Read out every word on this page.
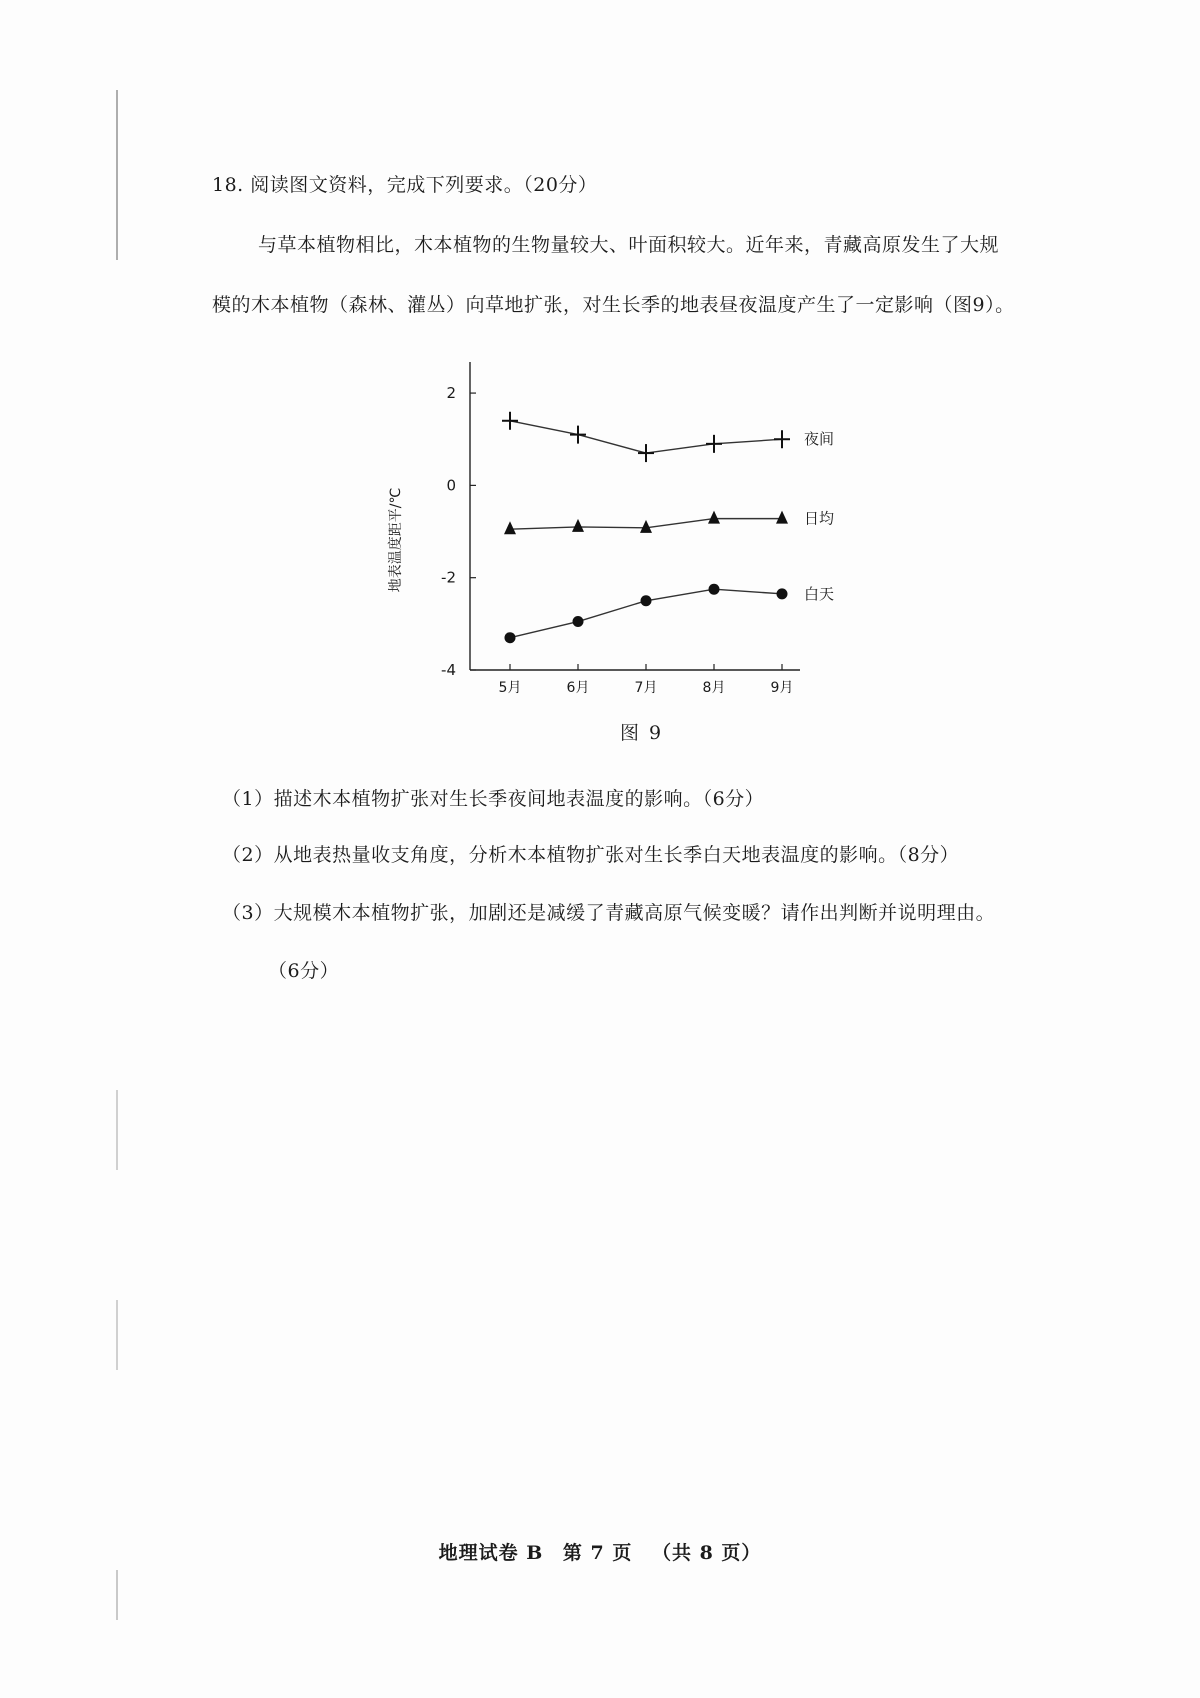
18. 阅读图文资料，完成下列要求。（20分）
与草本植物相比，木本植物的生物量较大、叶面积较大。近年来，青藏高原发生了大规
模的木本植物（森林、灌丛）向草地扩张，对生长季的地表昼夜温度产生了一定影响（图9）。
2
0
-2
-4
5月	6月	7月	8月	9月
夜间
日均
白天
地表温度距平/℃
图 9
（1）描述木本植物扩张对生长季夜间地表温度的影响。（6分）
（2）从地表热量收支角度，分析木本植物扩张对生长季白天地表温度的影响。（8分）
（3）大规模木本植物扩张，加剧还是减缓了青藏高原气候变暖？请作出判断并说明理由。
（6分）
地理试卷 B 第 7 页 （共 8 页）
